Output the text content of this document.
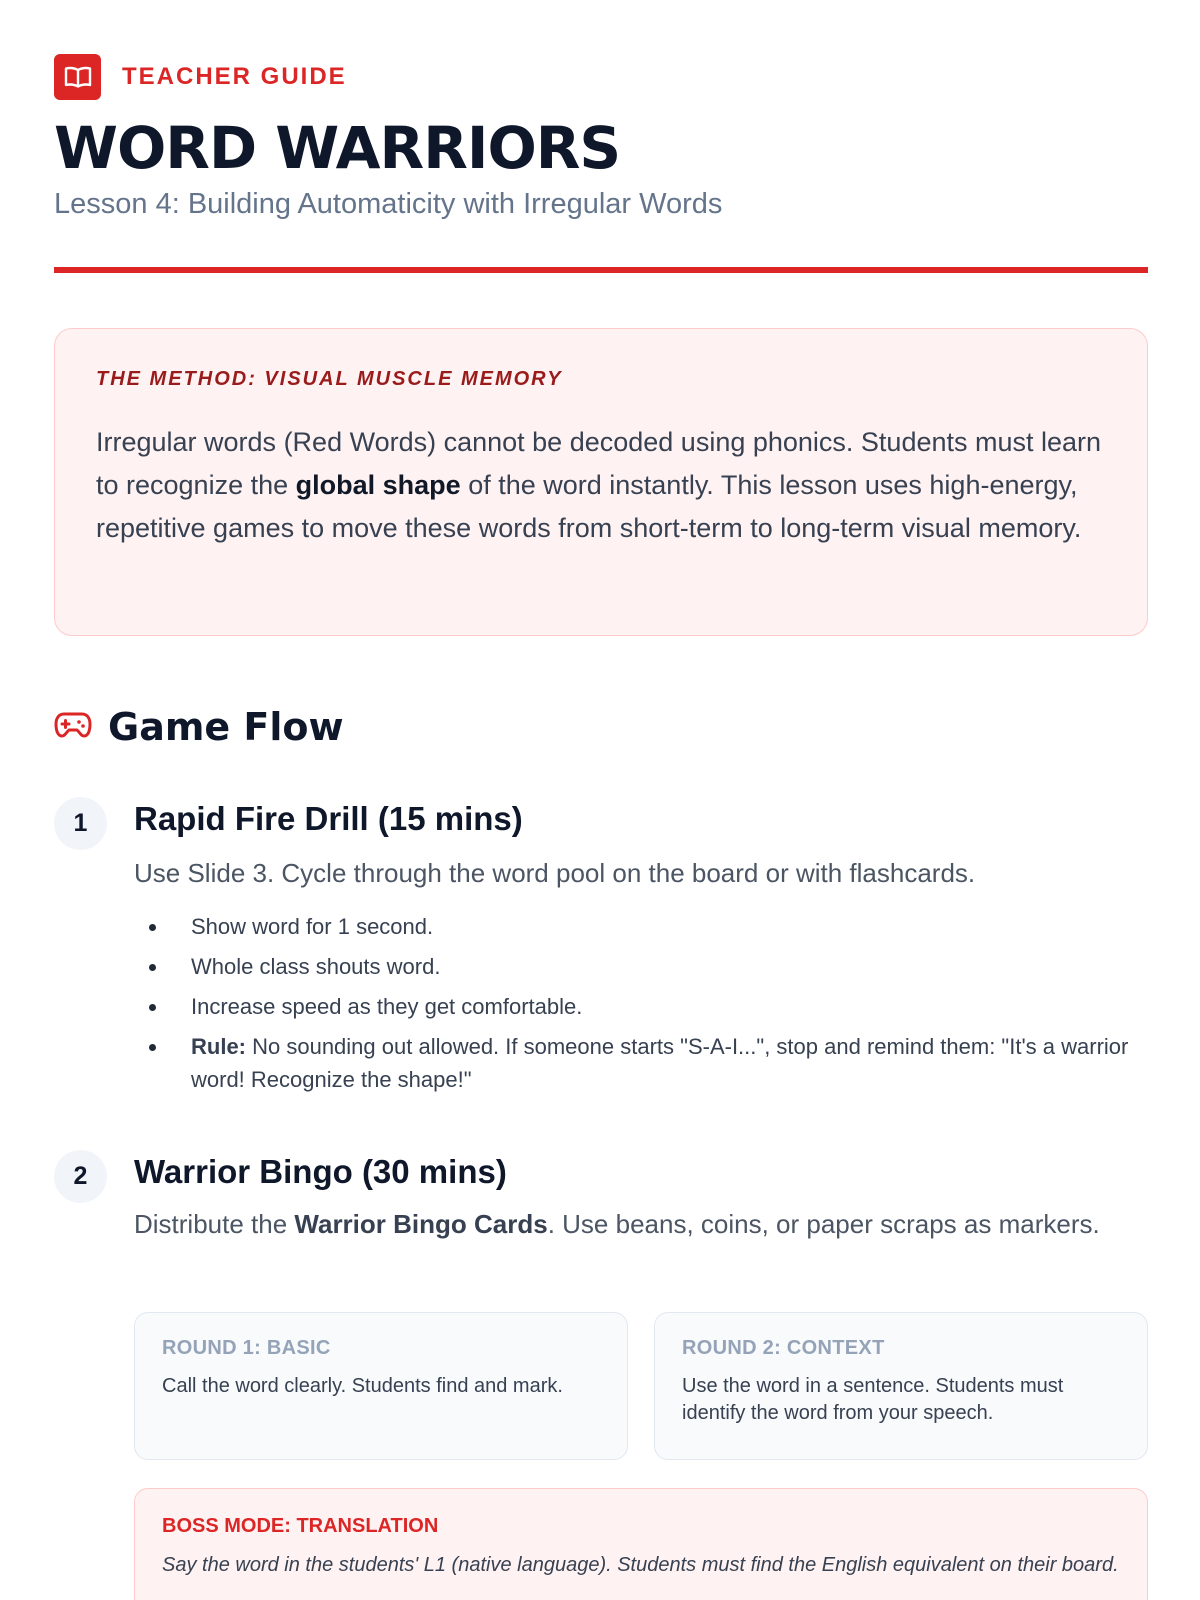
TEACHER GUIDE
WORD WARRIORS
Lesson 4: Building Automaticity with Irregular Words
THE METHOD: VISUAL MUSCLE MEMORY

Irregular words (Red Words) cannot be decoded using phonics. Students must learn to recognize the global shape of the word instantly. This lesson uses high-energy, repetitive games to move these words from short-term to long-term visual memory.

Game Flow
1	Rapid Fire Drill (15 mins)

Use Slide 3. Cycle through the word pool on the board or with flashcards.

Show word for 1 second.
Whole class shouts word.
Increase speed as they get comfortable.
Rule: No sounding out allowed. If someone starts "S-A-I...", stop and remind them: "It's a warrior word! Recognize the shape!"
2	Warrior Bingo (30 mins)

Distribute the Warrior Bingo Cards. Use beans, coins, or paper scraps as markers.

ROUND 1: BASIC
Call the word clearly. Students find and mark.
ROUND 2: CONTEXT
Use the word in a sentence. Students must identify the word from your speech.
BOSS MODE: TRANSLATION
Say the word in the students' L1 (native language). Students must find the English equivalent on their board.
